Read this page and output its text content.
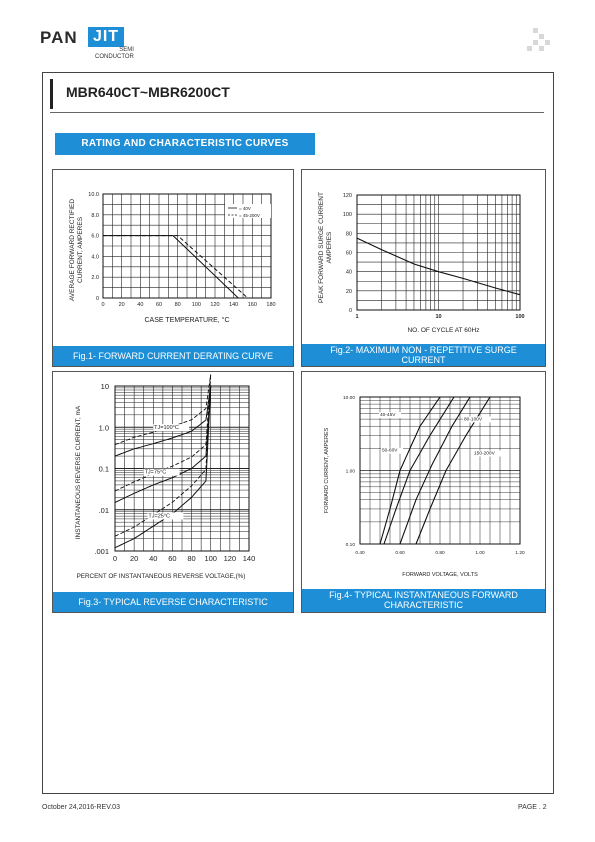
PAN JIT
SEMI
CONDUCTOR
MBR640CT~MBR6200CT
RATING AND CHARACTERISTIC CURVES
= 40V
= 45-200V
0	20 40 60 80 100 120 140 160 180
0
2.0
4.0
6.0
8.0
10.0
CASE TEMPERATURE, °C
AVERAGE FORWARD RECTIFIED CURRENT, AMPERES
Fig.1- FORWARD CURRENT DERATING CURVE
1	10	100
0
20
40
60
80
100
120
NO. OF CYCLE AT 60Hz
PEAK FORWARD SURGE CURRENT AMPERES
Fig.2- MAXIMUM NON - REPETITIVE SURGE
CURRENT
TJ=100°C
TJ=75°C
TJ=25°C
0 20 40 60 80 100 120 140
.001
.01
0.1
1.0
10
PERCENT OF INSTANTANEOUS REVERSE VOLTAGE,(%)
INSTANTANEOUS REVERSE CURRENT, mA
Fig.3- TYPICAL REVERSE CHARACTERISTIC
40-45V
50-60V
80-100V
150-200V
0.40	0.60	0.80	1.00	1.20
0.10
1.00
10.00
FORWARD VOLTAGE, VOLTS
FORWARD CURRENT, AMPERES
Fig.4- TYPICAL INSTANTANEOUS FORWARD
CHARACTERISTIC
October 24,2016-REV.03	PAGE . 2
